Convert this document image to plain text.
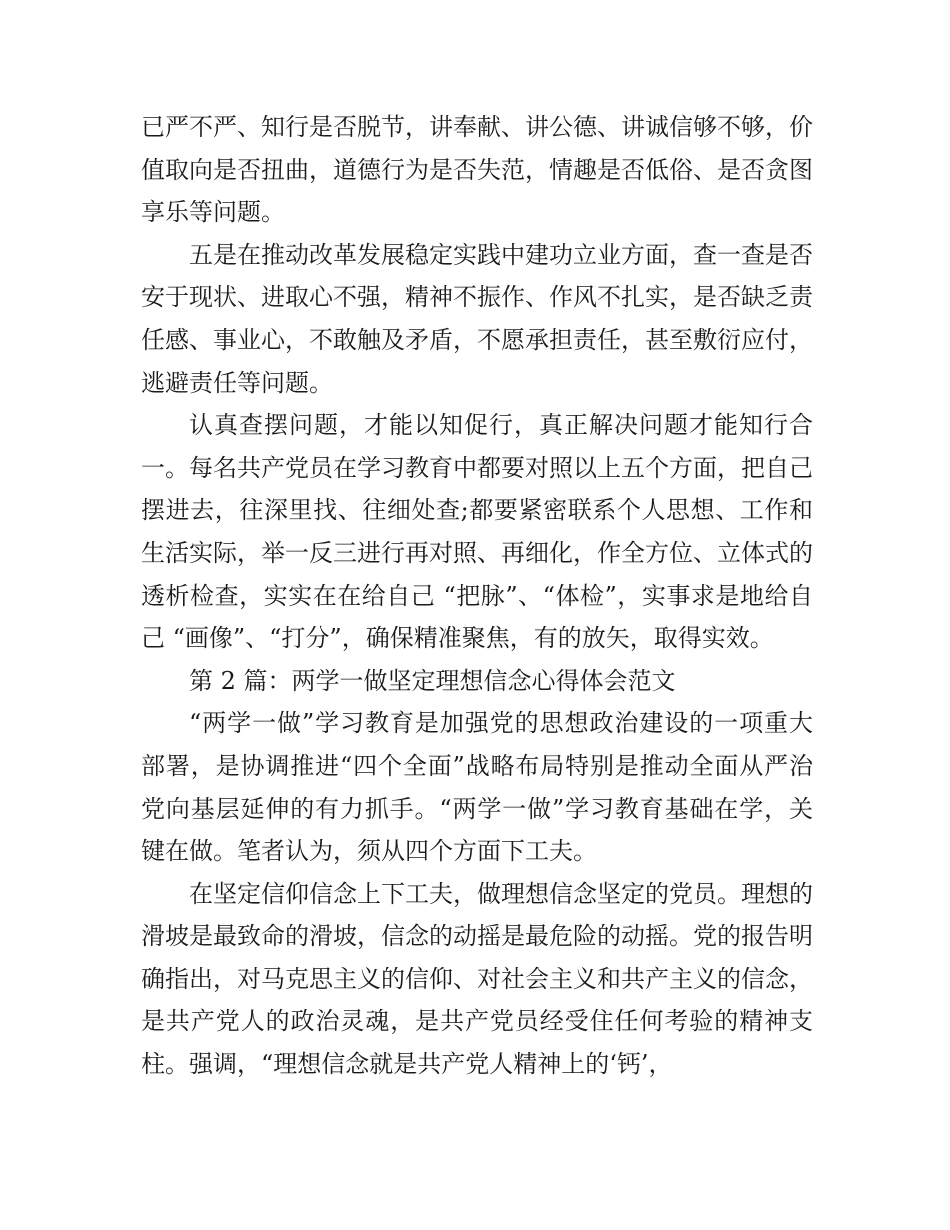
已严不严、知行是否脱节，讲奉献、讲公德、讲诚信够不够，价值取向是否扭曲，道德行为是否失范，情趣是否低俗、是否贪图享乐等问题。

五是在推动改革发展稳定实践中建功立业方面，查一查是否安于现状、进取心不强，精神不振作、作风不扎实，是否缺乏责任感、事业心，不敢触及矛盾，不愿承担责任，甚至敷衍应付，逃避责任等问题。

认真查摆问题，才能以知促行，真正解决问题才能知行合一。每名共产党员在学习教育中都要对照以上五个方面，把自己摆进去，往深里找、往细处查;都要紧密联系个人思想、工作和生活实际，举一反三进行再对照、再细化，作全方位、立体式的透析检查，实实在在给自己 “把脉”、“体检”，实事求是地给自己 “画像”、“打分”，确保精准聚焦，有的放矢，取得实效。

第 2 篇：两学一做坚定理想信念心得体会范文

“两学一做”学习教育是加强党的思想政治建设的一项重大部署，是协调推进“四个全面”战略布局特别是推动全面从严治党向基层延伸的有力抓手。“两学一做”学习教育基础在学，关键在做。笔者认为，须从四个方面下工夫。

在坚定信仰信念上下工夫，做理想信念坚定的党员。理想的滑坡是最致命的滑坡，信念的动摇是最危险的动摇。党的报告明确指出，对马克思主义的信仰、对社会主义和共产主义的信念，是共产党人的政治灵魂，是共产党员经受住任何考验的精神支柱。强调，“理想信念就是共产党人精神上的‘钙’，
